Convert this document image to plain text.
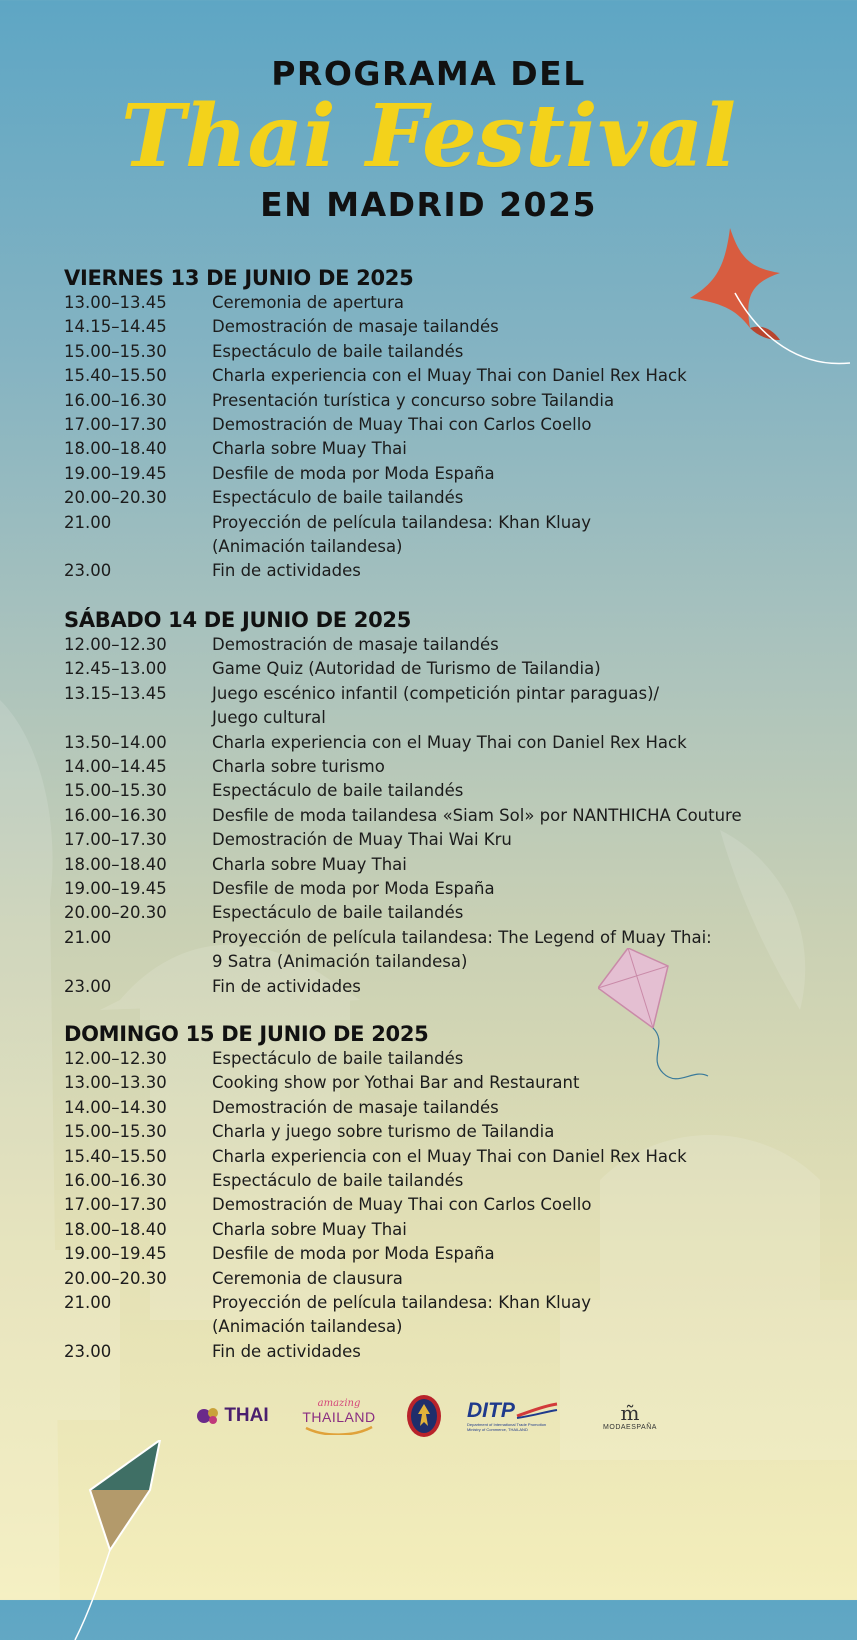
PROGRAMA DEL
Thai Festival
EN MADRID 2025
VIERNES 13 DE JUNIO DE 2025
13.00–13.45	Ceremonia de apertura
14.15–14.45	Demostración de masaje tailandés
15.00–15.30	Espectáculo de baile tailandés
15.40–15.50	Charla experiencia con el Muay Thai con Daniel Rex Hack
16.00–16.30	Presentación turística y concurso sobre Tailandia
17.00–17.30	Demostración de Muay Thai con Carlos Coello
18.00–18.40	Charla sobre Muay Thai
19.00–19.45	Desfile de moda por Moda España
20.00–20.30	Espectáculo de baile tailandés
21.00	Proyección de película tailandesa: Khan Kluay
(Animación tailandesa)
23.00	Fin de actividades
SÁBADO 14 DE JUNIO DE 2025
12.00–12.30	Demostración de masaje tailandés
12.45–13.00	Game Quiz (Autoridad de Turismo de Tailandia)
13.15–13.45	Juego escénico infantil (competición pintar paraguas)/
Juego cultural
13.50–14.00	Charla experiencia con el Muay Thai con Daniel Rex Hack
14.00–14.45	Charla sobre turismo
15.00–15.30	Espectáculo de baile tailandés
16.00–16.30	Desfile de moda tailandesa «Siam Sol» por NANTHICHA Couture
17.00–17.30	Demostración de Muay Thai Wai Kru
18.00–18.40	Charla sobre Muay Thai
19.00–19.45	Desfile de moda por Moda España
20.00–20.30	Espectáculo de baile tailandés
21.00	Proyección de película tailandesa: The Legend of Muay Thai:
9 Satra (Animación tailandesa)
23.00	Fin de actividades
DOMINGO 15 DE JUNIO DE 2025
12.00–12.30	Espectáculo de baile tailandés
13.00–13.30	Cooking show por Yothai Bar and Restaurant
14.00–14.30	Demostración de masaje tailandés
15.00–15.30	Charla y juego sobre turismo de Tailandia
15.40–15.50	Charla experiencia con el Muay Thai con Daniel Rex Hack
16.00–16.30	Espectáculo de baile tailandés
17.00–17.30	Demostración de Muay Thai con Carlos Coello
18.00–18.40	Charla sobre Muay Thai
19.00–19.45	Desfile de moda por Moda España
20.00–20.30	Ceremonia de clausura
21.00	Proyección de película tailandesa: Khan Kluay
(Animación tailandesa)
23.00	Fin de actividades
THAI
amazing
THAILAND	DITP
Department of International Trade Promotion
Ministry of Commerce, THAILAND
m̃
MODAESPAÑA
